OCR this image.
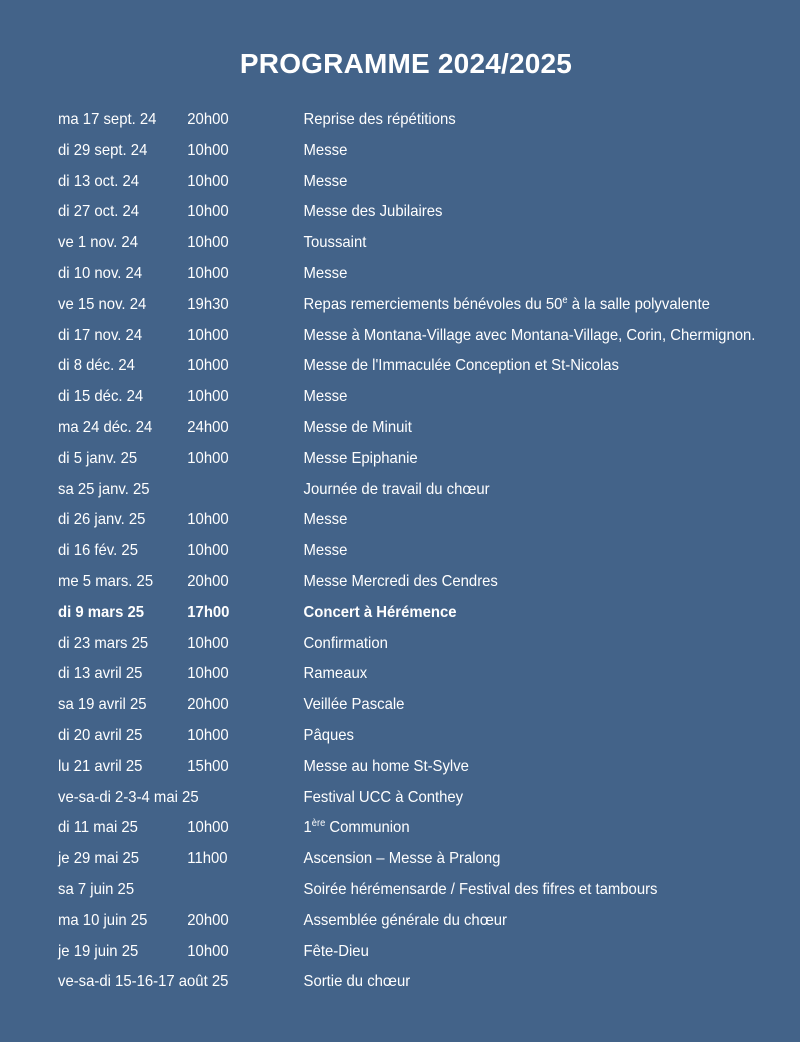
PROGRAMME 2024/2025
ma 17 sept. 24 20h00	Reprise des répétitions
di 29 sept. 24 10h00	Messe
di 13 oct. 24	10h00	Messe
di 27 oct. 24	10h00	Messe des Jubilaires
ve 1 nov. 24	10h00	Toussaint
di 10 nov. 24	10h00	Messe
ve 15 nov. 24	19h30	Repas remerciements bénévoles du 50e à la salle polyvalente
di 17 nov. 24	10h00	Messe à Montana-Village avec Montana-Village, Corin, Chermignon.
di 8 déc. 24	10h00	Messe de l'Immaculée Conception et St-Nicolas
di 15 déc. 24	10h00	Messe
ma 24 déc. 24 24h00	Messe de Minuit
di 5 janv. 25	10h00	Messe Epiphanie
sa 25 janv. 25	Journée de travail du chœur
di 26 janv. 25	10h00	Messe
di 16 fév. 25	10h00	Messe
me 5 mars. 25 20h00	Messe Mercredi des Cendres
di 9 mars 25	17h00	Concert à Hérémence
di 23 mars 25 10h00	Confirmation
di 13 avril 25	10h00	Rameaux
sa 19 avril 25	20h00	Veillée Pascale
di 20 avril 25	10h00	Pâques
lu 21 avril 25	15h00	Messe au home St-Sylve
ve-sa-di 2-3-4 mai 25	Festival UCC à Conthey
di 11 mai 25	10h00	1ère Communion
je 29 mai 25	11h00	Ascension – Messe à Pralong
sa 7 juin 25	Soirée hérémensarde / Festival des fifres et tambours
ma 10 juin 25 20h00	Assemblée générale du chœur
je 19 juin 25	10h00	Fête-Dieu
ve-sa-di 15-16-17 août 25	Sortie du chœur
